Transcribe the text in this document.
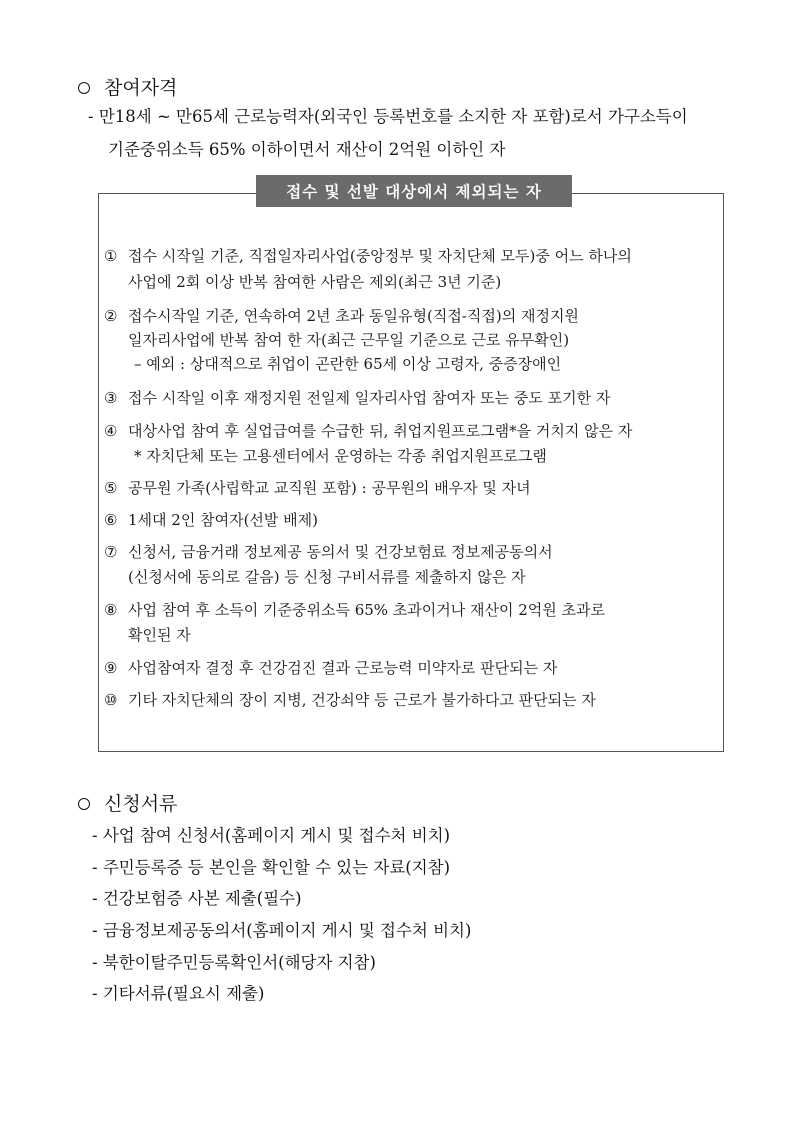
참여자격
- 만18세 ~ 만65세 근로능력자(외국인 등록번호를 소지한 자 포함)로서 가구소득이
기준중위소득 65% 이하이면서 재산이 2억원 이하인 자
접수 및 선발 대상에서 제외되는 자
① 접수 시작일 기준, 직접일자리사업(중앙정부 및 자치단체 모두)중 어느 하나의
사업에 2회 이상 반복 참여한 사람은 제외(최근 3년 기준)
② 접수시작일 기준, 연속하여 2년 초과 동일유형(직접-직접)의 재정지원
일자리사업에 반복 참여 한 자(최근 근무일 기준으로 근로 유무확인)
– 예외 : 상대적으로 취업이 곤란한 65세 이상 고령자, 중증장애인
③ 접수 시작일 이후 재정지원 전일제 일자리사업 참여자 또는 중도 포기한 자
④ 대상사업 참여 후 실업급여를 수급한 뒤, 취업지원프로그램*을 거치지 않은 자
* 자치단체 또는 고용센터에서 운영하는 각종 취업지원프로그램
⑤ 공무원 가족(사립학교 교직원 포함) : 공무원의 배우자 및 자녀
⑥ 1세대 2인 참여자(선발 배제)
⑦ 신청서, 금융거래 정보제공 동의서 및 건강보험료 정보제공동의서
(신청서에 동의로 갈음) 등 신청 구비서류를 제출하지 않은 자
⑧ 사업 참여 후 소득이 기준중위소득 65% 초과이거나 재산이 2억원 초과로
확인된 자
⑨ 사업참여자 결정 후 건강검진 결과 근로능력 미약자로 판단되는 자
⑩ 기타 자치단체의 장이 지병, 건강쇠약 등 근로가 불가하다고 판단되는 자
신청서류
- 사업 참여 신청서(홈페이지 게시 및 접수처 비치)
- 주민등록증 등 본인을 확인할 수 있는 자료(지참)
- 건강보험증 사본 제출(필수)
- 금융정보제공동의서(홈페이지 게시 및 접수처 비치)
- 북한이탈주민등록확인서(해당자 지참)
- 기타서류(필요시 제출)
